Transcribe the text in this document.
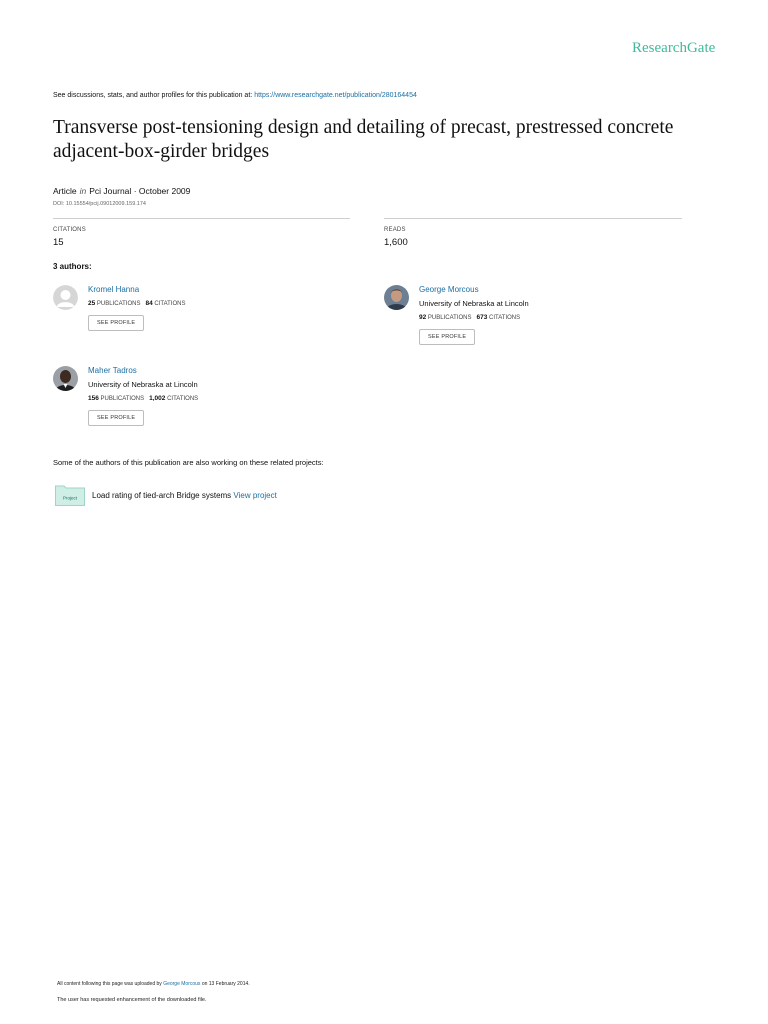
ResearchGate
See discussions, stats, and author profiles for this publication at: https://www.researchgate.net/publication/280164454
Transverse post-tensioning design and detailing of precast, prestressed concrete adjacent-box-girder bridges
Article in Pci Journal · October 2009
DOI: 10.15554/pcij.09012009.159.174
CITATIONS
15
READS
1,600
3 authors:
Kromel Hanna
25 PUBLICATIONS 84 CITATIONS
SEE PROFILE
George Morcous
University of Nebraska at Lincoln
92 PUBLICATIONS 673 CITATIONS
SEE PROFILE
Maher Tadros
University of Nebraska at Lincoln
156 PUBLICATIONS 1,002 CITATIONS
SEE PROFILE
Some of the authors of this publication are also working on these related projects:
Project Load rating of tied-arch Bridge systems View project
All content following this page was uploaded by George Morcous on 13 February 2014.
The user has requested enhancement of the downloaded file.
